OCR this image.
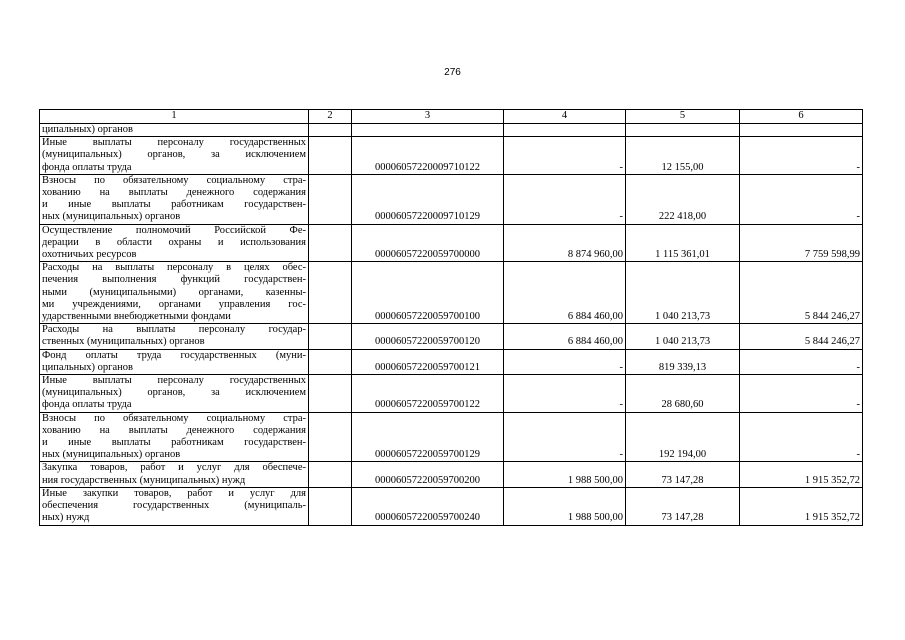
276
1	2	3	4	5	6

ципальных) органов					

Иные выплаты персоналу государственных
(муниципальных) органов, за исключением
фонда оплаты труда		00006057220009710122	-	12 155,00	-

Взносы по обязательному социальному стра-
хованию на выплаты денежного содержания
и иные выплаты работникам государствен-
ных (муниципальных) органов		00006057220009710129	-	222 418,00	-

Осуществление полномочий Российской Фе-
дерации в области охраны и использования
охотничьих ресурсов		00006057220059700000	8 874 960,00	1 115 361,01	7 759 598,99

Расходы на выплаты персоналу в целях обес-
печения выполнения функций государствен-
ными (муниципальными) органами, казенны-
ми учреждениями, органами управления гос-
ударственными внебюджетными фондами		00006057220059700100	6 884 460,00	1 040 213,73	5 844 246,27

Расходы на выплаты персоналу государ-
ственных (муниципальных) органов		00006057220059700120	6 884 460,00	1 040 213,73	5 844 246,27

Фонд оплаты труда государственных (муни-
ципальных) органов		00006057220059700121	-	819 339,13	-

Иные выплаты персоналу государственных
(муниципальных) органов, за исключением
фонда оплаты труда		00006057220059700122	-	28 680,60	-

Взносы по обязательному социальному стра-
хованию на выплаты денежного содержания
и иные выплаты работникам государствен-
ных (муниципальных) органов		00006057220059700129	-	192 194,00	-

Закупка товаров, работ и услуг для обеспече-
ния государственных (муниципальных) нужд		00006057220059700200	1 988 500,00	73 147,28	1 915 352,72

Иные закупки товаров, работ и услуг для
обеспечения государственных (муниципаль-
ных) нужд		00006057220059700240	1 988 500,00	73 147,28	1 915 352,72
